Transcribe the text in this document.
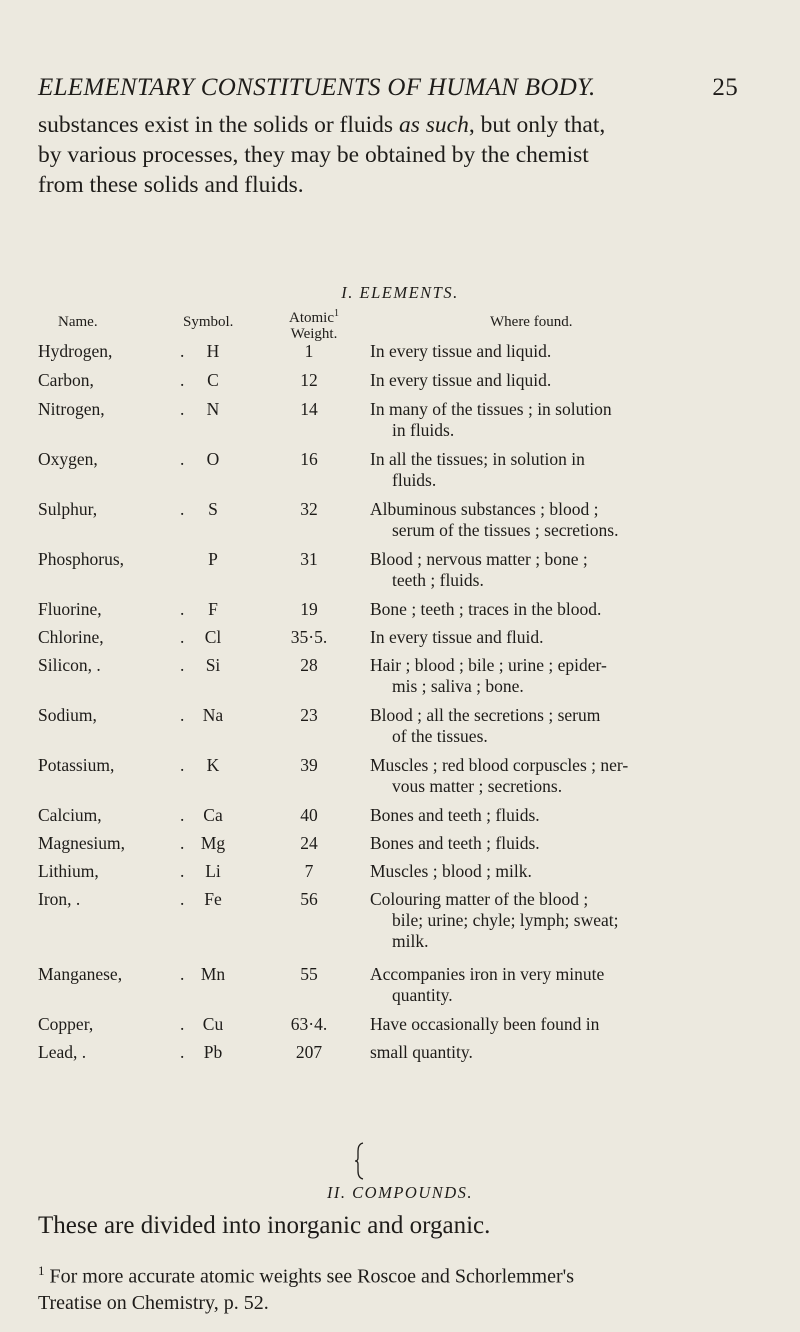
ELEMENTARY CONSTITUENTS OF HUMAN BODY.	25

substances exist in the solids or fluids as such, but only that,

by various processes, they may be obtained by the chemist

from these solids and fluids.

I. ELEMENTS.
Name.	Symbol.	Atomic$^1$
Weight.
Where found.
Hydrogen,	.	H	1	In every tissue and liquid.
Carbon,	.	C	12	In every tissue and liquid.
Nitrogen,	.	N	14	In many of the tissues ; in solution
in fluids.
Oxygen,	.	O	16	In all the tissues; in solution in
fluids.
Sulphur,	.	S	32	Albuminous substances ; blood ;
serum of the tissues ; secretions.
Phosphorus,	P	31	Blood ; nervous matter ; bone ;
teeth ; fluids.
Fluorine,	.	F	19	Bone ; teeth ; traces in the blood.
Chlorine,	.	Cl	35·5.	In every tissue and fluid.
Silicon, .	.	Si	28	Hair ; blood ; bile ; urine ; epider-
mis ; saliva ; bone.
Sodium,	.	Na	23	Blood ; all the secretions ; serum
of the tissues.
Potassium,	.	K	39	Muscles ; red blood corpuscles ; ner-
vous matter ; secretions.
Calcium,	.	Ca	40	Bones and teeth ; fluids.
Magnesium,	. Mg	24	Bones and teeth ; fluids.
Lithium,	.	Li	7	Muscles ; blood ; milk.
Iron, .	.	Fe	56	Colouring matter of the blood ;
bile; urine; chyle; lymph; sweat;
milk.
Manganese,	. Mn	55	Accompanies iron in very minute
quantity.
Copper,	.	Cu	63·4.	Have occasionally been found in
Lead, .	.	Pb	207	small quantity.
II. COMPOUNDS.
These are divided into inorganic and organic.
$^1$ For more accurate atomic weights see Roscoe and Schorlemmer's
Treatise on Chemistry, p. 52.
